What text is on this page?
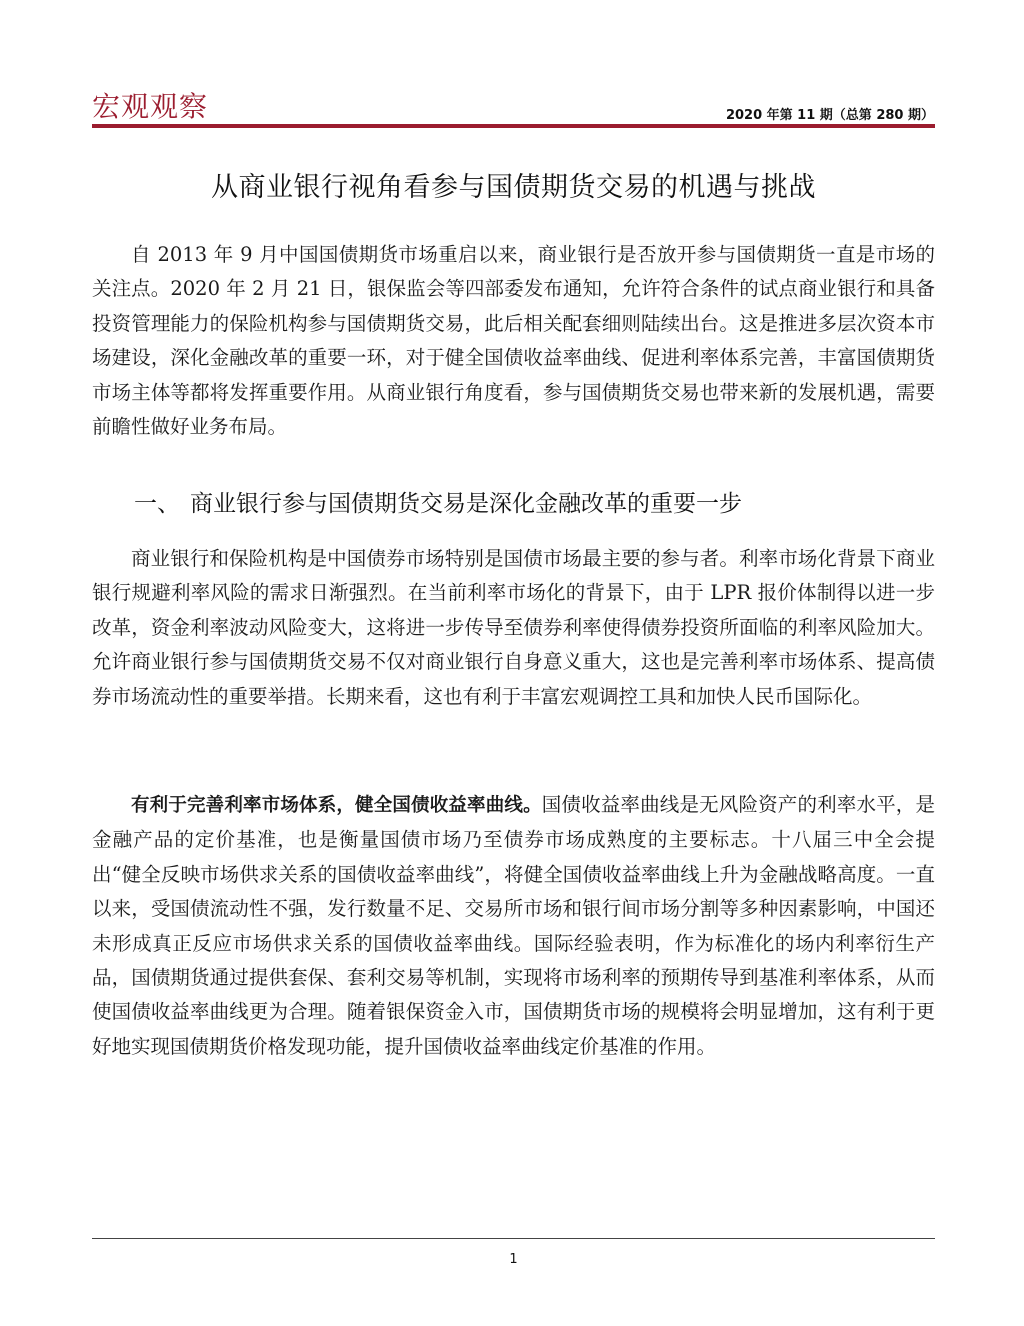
宏观观察	2020 年第 11 期（总第 280 期）
从商业银行视角看参与国债期货交易的机遇与挑战

自 2013 年 9 月中国国债期货市场重启以来，商业银行是否放开参与国债期货一直是市场的关注点。2020 年 2 月 21 日，银保监会等四部委发布通知，允许符合条件的试点商业银行和具备投资管理能力的保险机构参与国债期货交易，此后相关配套细则陆续出台。这是推进多层次资本市场建设，深化金融改革的重要一环，对于健全国债收益率曲线、促进利率体系完善，丰富国债期货市场主体等都将发挥重要作用。从商业银行角度看，参与国债期货交易也带来新的发展机遇，需要前瞻性做好业务布局。

一、 商业银行参与国债期货交易是深化金融改革的重要一步

商业银行和保险机构是中国债券市场特别是国债市场最主要的参与者。利率市场化背景下商业银行规避利率风险的需求日渐强烈。在当前利率市场化的背景下，由于 LPR 报价体制得以进一步改革，资金利率波动风险变大，这将进一步传导至债券利率使得债券投资所面临的利率风险加大。允许商业银行参与国债期货交易不仅对商业银行自身意义重大，这也是完善利率市场体系、提高债券市场流动性的重要举措。长期来看，这也有利于丰富宏观调控工具和加快人民币国际化。

有利于完善利率市场体系，健全国债收益率曲线。国债收益率曲线是无风险资产的利率水平，是金融产品的定价基准，也是衡量国债市场乃至债券市场成熟度的主要标志。十八届三中全会提出“健全反映市场供求关系的国债收益率曲线”，将健全国债收益率曲线上升为金融战略高度。一直以来，受国债流动性不强，发行数量不足、交易所市场和银行间市场分割等多种因素影响，中国还未形成真正反应市场供求关系的国债收益率曲线。国际经验表明，作为标准化的场内利率衍生产品，国债期货通过提供套保、套利交易等机制，实现将市场利率的预期传导到基准利率体系，从而使国债收益率曲线更为合理。随着银保资金入市，国债期货市场的规模将会明显增加，这有利于更好地实现国债期货价格发现功能，提升国债收益率曲线定价基准的作用。

1
